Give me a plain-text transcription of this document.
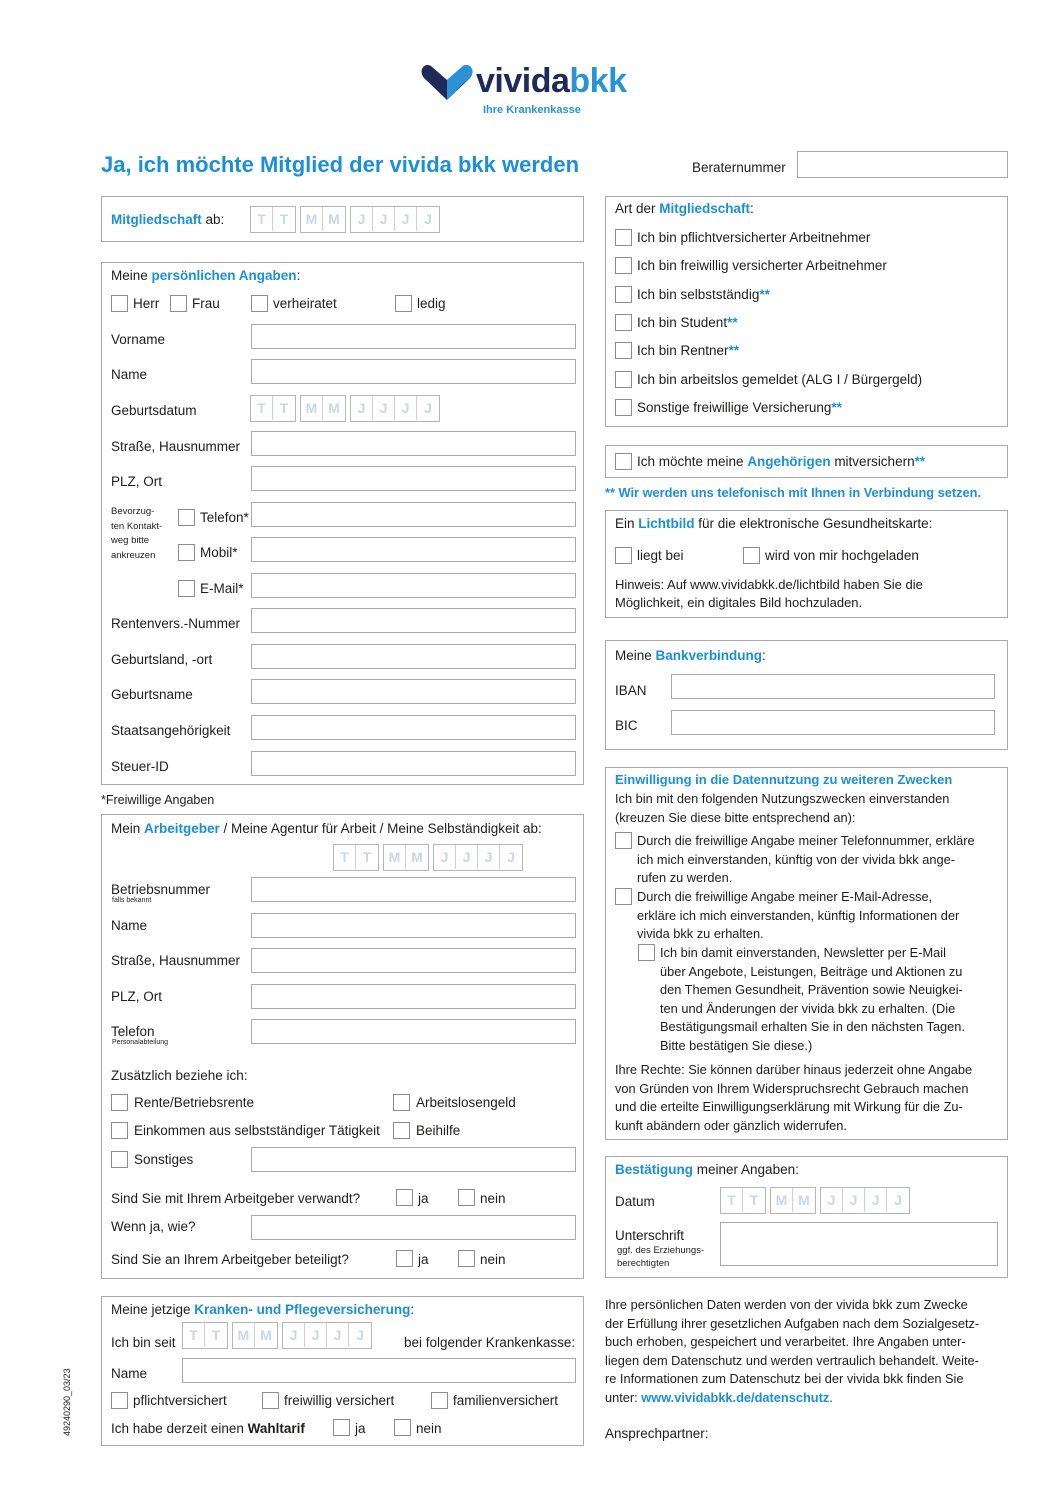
vividabkk
Ihre Krankenkasse
Ja, ich möchte Mitglied der vivida bkk werden	Beraternummer
Mitgliedschaft ab:	T T	M M	J	J	J	J
Meine persönlichen Angaben:
Herr Frau	verheiratet	ledig
Vorname
Name
Geburtsdatum	T T	M M	J	J	J	J
Straße, Hausnummer
PLZ, Ort
Bevorzug-
ten Kontakt-
weg bitte
ankreuzen
Telefon*
Mobil*
E-Mail*
Rentenvers.-Nummer
Geburtsland, -ort
Geburtsname
Staatsangehörigkeit
Steuer-ID
*Freiwillige Angaben
Mein Arbeitgeber / Meine Agentur für Arbeit / Meine Selbständigkeit ab:
T T	M M	J	J	J	J
Betriebsnummer
falls bekannt
Name
Straße, Hausnummer
PLZ, Ort
Telefon
Personalabteilung
Zusätzlich beziehe ich:
Rente/Betriebsrente	Arbeitslosengeld
Einkommen aus selbstständiger Tätigkeit	Beihilfe
Sonstiges
Sind Sie mit Ihrem Arbeitgeber verwandt?	ja	nein
Wenn ja, wie?
Sind Sie an Ihrem Arbeitgeber beteiligt?	ja	nein
Meine jetzige Kranken- und Pflegeversicherung:
Ich bin seit T T	M M	J	J	J	J	bei folgender Krankenkasse:
Name
pflichtversichert	freiwillig versichert	familienversichert
Ich habe derzeit einen Wahltarif	ja	nein
49240290_03/23
Art der Mitgliedschaft:
Ich bin pflichtversicherter Arbeitnehmer
Ich bin freiwillig versicherter Arbeitnehmer
Ich bin selbstständig**
Ich bin Student**
Ich bin Rentner**
Ich bin arbeitslos gemeldet (ALG I / Bürgergeld)
Sonstige freiwillige Versicherung**
Ich möchte meine Angehörigen mitversichern**
** Wir werden uns telefonisch mit Ihnen in Verbindung setzen.
Ein Lichtbild für die elektronische Gesundheitskarte:
liegt bei	wird von mir hochgeladen
Hinweis: Auf www.vividabkk.de/lichtbild haben Sie die
Möglichkeit, ein digitales Bild hochzuladen.
Meine Bankverbindung:
IBAN
BIC
Einwilligung in die Datennutzung zu weiteren Zwecken
Ich bin mit den folgenden Nutzungszwecken einverstanden
(kreuzen Sie diese bitte entsprechend an):
Durch die freiwillige Angabe meiner Telefonnummer, erkläre
ich mich einverstanden, künftig von der vivida bkk ange-
rufen zu werden.
Durch die freiwillige Angabe meiner E-Mail-Adresse,
erkläre ich mich einverstanden, künftig Informationen der
vivida bkk zu erhalten.
Ich bin damit einverstanden, Newsletter per E-Mail
über Angebote, Leistungen, Beiträge und Aktionen zu
den Themen Gesundheit, Prävention sowie Neuigkei-
ten und Änderungen der vivida bkk zu erhalten. (Die
Bestätigungsmail erhalten Sie in den nächsten Tagen.
Bitte bestätigen Sie diese.)
Ihre Rechte: Sie können darüber hinaus jederzeit ohne Angabe
von Gründen von Ihrem Widerspruchsrecht Gebrauch machen
und die erteilte Einwilligungserklärung mit Wirkung für die Zu-
kunft abändern oder gänzlich widerrufen.
Bestätigung meiner Angaben:
Datum	T T	M M	J	J	J	J
Unterschrift
ggf. des Erziehungs-
berechtigten
Ihre persönlichen Daten werden von der vivida bkk zum Zwecke
der Erfüllung ihrer gesetzlichen Aufgaben nach dem Sozialgesetz-
buch erhoben, gespeichert und verarbeitet. Ihre Angaben unter-
liegen dem Datenschutz und werden vertraulich behandelt. Weite-
re Informationen zum Datenschutz bei der vivida bkk finden Sie
unter: www.vividabkk.de/datenschutz.
Ansprechpartner:
